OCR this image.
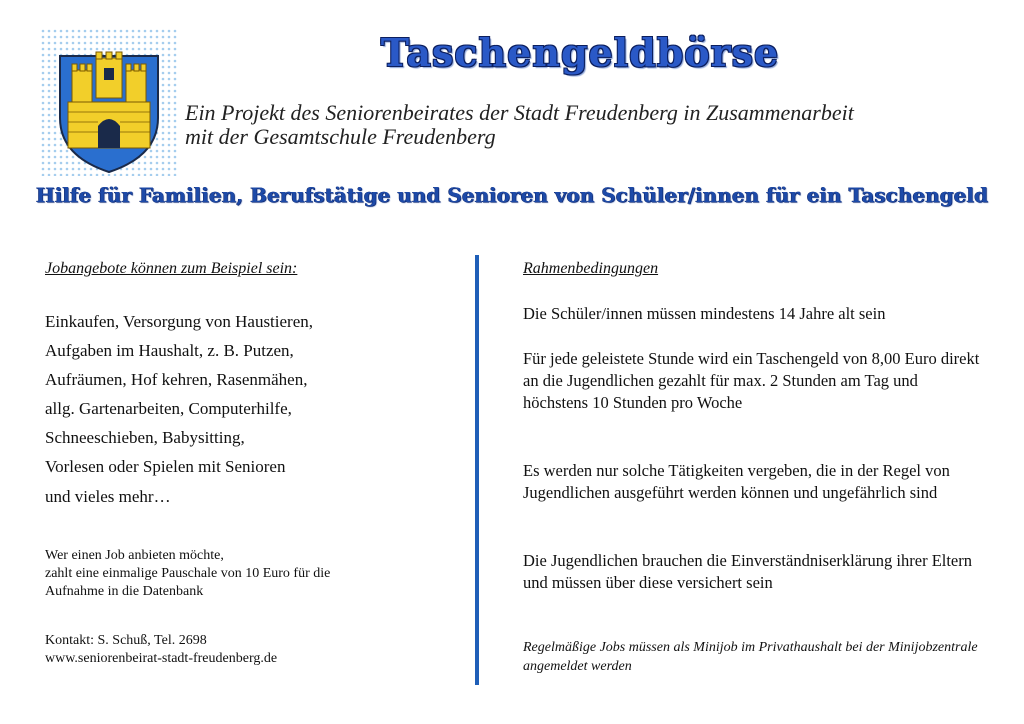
Taschengeldbörse
Ein Projekt des Seniorenbeirates der Stadt Freudenberg in Zusammenarbeit
mit der Gesamtschule Freudenberg
Hilfe für Familien, Berufstätige und Senioren von Schüler/innen für ein Taschengeld
Jobangebote können zum Beispiel sein:
Einkaufen, Versorgung von Haustieren,
Aufgaben im Haushalt, z. B. Putzen,
Aufräumen, Hof kehren, Rasenmähen,
allg. Gartenarbeiten, Computerhilfe,
Schneeschieben, Babysitting,
Vorlesen oder Spielen mit Senioren
und vieles mehr…
Wer einen Job anbieten möchte,
zahlt eine einmalige Pauschale von 10 Euro für die
Aufnahme in die Datenbank
Kontakt: S. Schuß, Tel. 2698
www.seniorenbeirat-stadt-freudenberg.de
Rahmenbedingungen
Die Schüler/innen müssen mindestens 14 Jahre alt sein
Für jede geleistete Stunde wird ein Taschengeld von 8,00 Euro direkt an die Jugendlichen gezahlt für max. 2 Stunden am Tag und höchstens 10 Stunden pro Woche
Es werden nur solche Tätigkeiten vergeben, die in der Regel von Jugendlichen ausgeführt werden können und ungefährlich sind
Die Jugendlichen brauchen die Einverständniserklärung ihrer Eltern und müssen über diese versichert sein
Regelmäßige Jobs müssen als Minijob im Privathaushalt bei der Minijobzentrale angemeldet werden
